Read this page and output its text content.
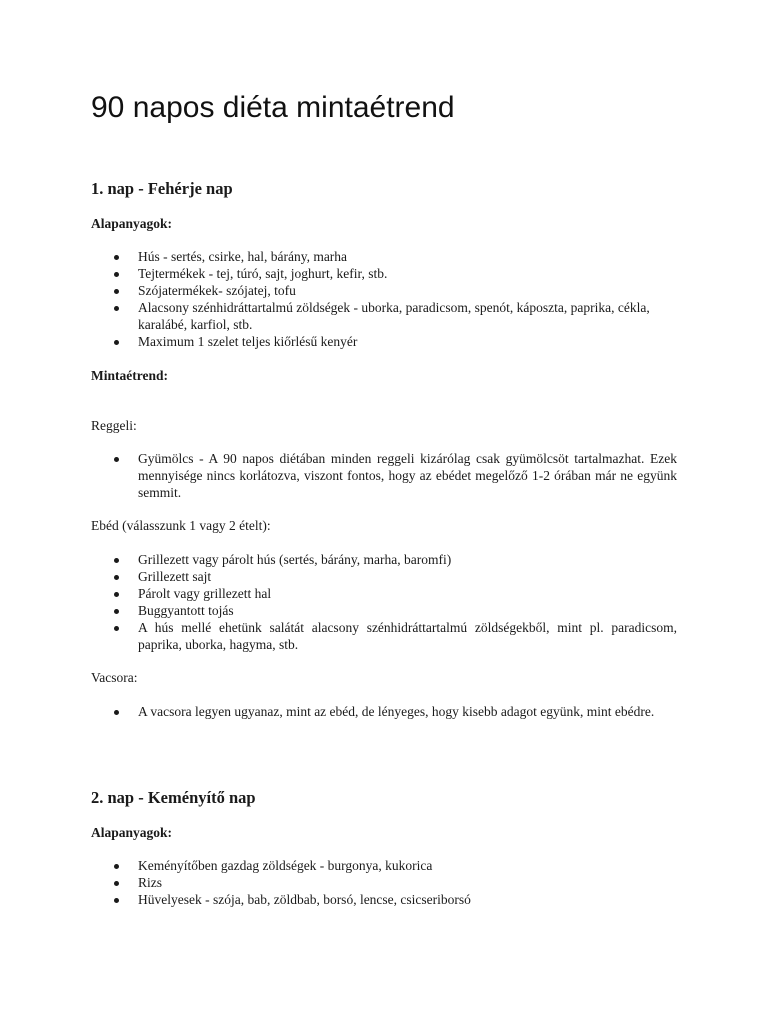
90 napos diéta mintaétrend
1. nap - Fehérje nap

Alapanyagok:

Hús - sertés, csirke, hal, bárány, marha
Tejtermékek - tej, túró, sajt, joghurt, kefir, stb.
Szójatermékek- szójatej, tofu
Alacsony szénhidráttartalmú zöldségek - uborka, paradicsom, spenót, káposzta, paprika, cékla, karalábé, karfiol, stb.
Maximum 1 szelet teljes kiőrlésű kenyér

Mintaétrend:

Reggeli:

Gyümölcs - A 90 napos diétában minden reggeli kizárólag csak gyümölcsöt tartalmazhat. Ezek mennyisége nincs korlátozva, viszont fontos, hogy az ebédet megelőző 1-2 órában már ne együnk semmit.

Ebéd (válasszunk 1 vagy 2 ételt):

Grillezett vagy párolt hús (sertés, bárány, marha, baromfi)
Grillezett sajt
Párolt vagy grillezett hal
Buggyantott tojás
A hús mellé ehetünk salátát alacsony szénhidráttartalmú zöldségekből, mint pl. paradicsom, paprika, uborka, hagyma, stb.

Vacsora:

A vacsora legyen ugyanaz, mint az ebéd, de lényeges, hogy kisebb adagot együnk, mint ebédre.
2. nap - Keményítő nap

Alapanyagok:

Keményítőben gazdag zöldségek - burgonya, kukorica
Rizs
Hüvelyesek - szója, bab, zöldbab, borsó, lencse, csicseriborsó
